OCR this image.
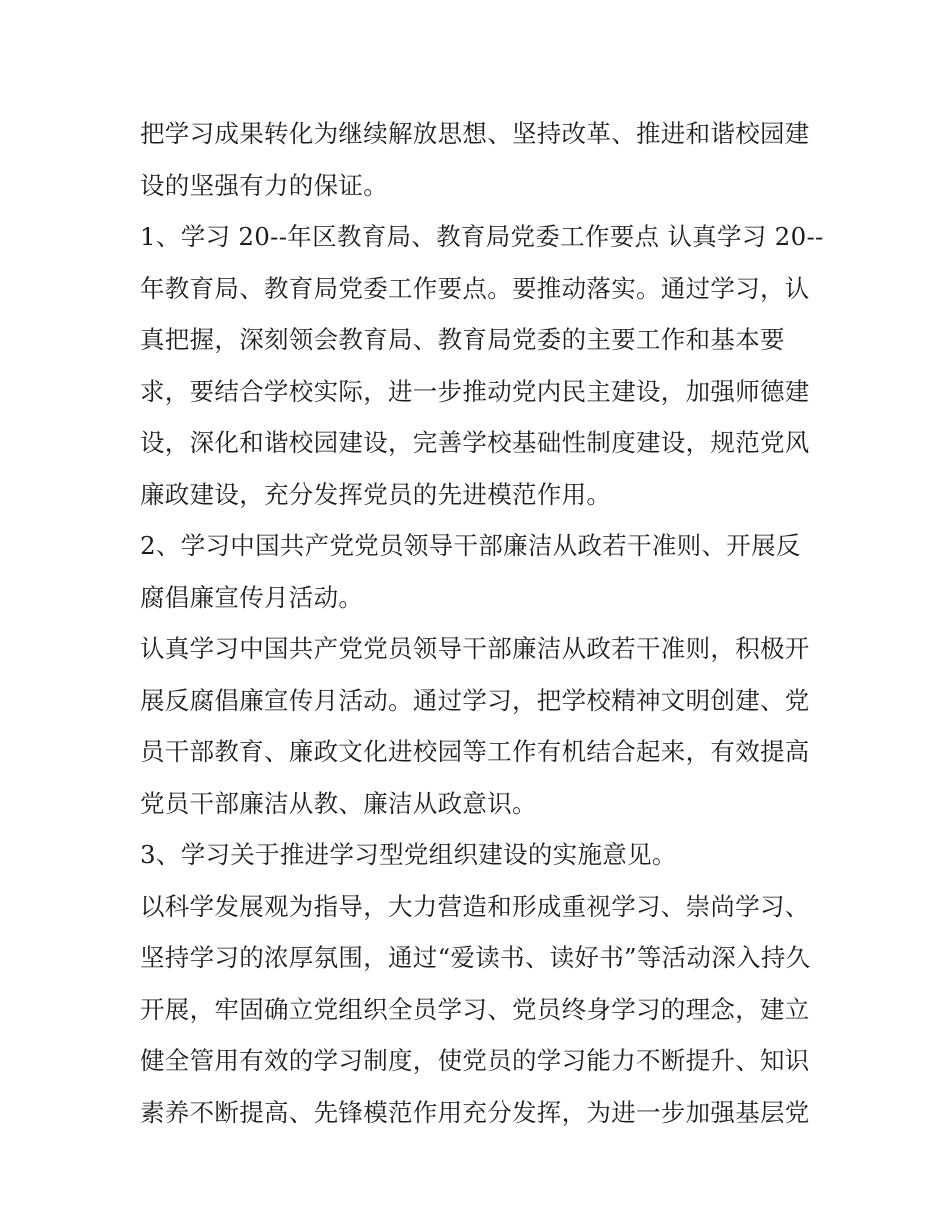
把学习成果转化为继续解放思想、坚持改革、推进和谐校园建
设的坚强有力的保证。
1、学习 20--年区教育局、教育局党委工作要点 认真学习 20--
年教育局、教育局党委工作要点。要推动落实。通过学习，认
真把握，深刻领会教育局、教育局党委的主要工作和基本要
求，要结合学校实际，进一步推动党内民主建设，加强师德建
设，深化和谐校园建设，完善学校基础性制度建设，规范党风
廉政建设，充分发挥党员的先进模范作用。
2、学习中国共产党党员领导干部廉洁从政若干准则、开展反
腐倡廉宣传月活动。
认真学习中国共产党党员领导干部廉洁从政若干准则，积极开
展反腐倡廉宣传月活动。通过学习，把学校精神文明创建、党
员干部教育、廉政文化进校园等工作有机结合起来，有效提高
党员干部廉洁从教、廉洁从政意识。
3、学习关于推进学习型党组织建设的实施意见。
以科学发展观为指导，大力营造和形成重视学习、崇尚学习、
坚持学习的浓厚氛围，通过“爱读书、读好书”等活动深入持久
开展，牢固确立党组织全员学习、党员终身学习的理念，建立
健全管用有效的学习制度，使党员的学习能力不断提升、知识
素养不断提高、先锋模范作用充分发挥，为进一步加强基层党
